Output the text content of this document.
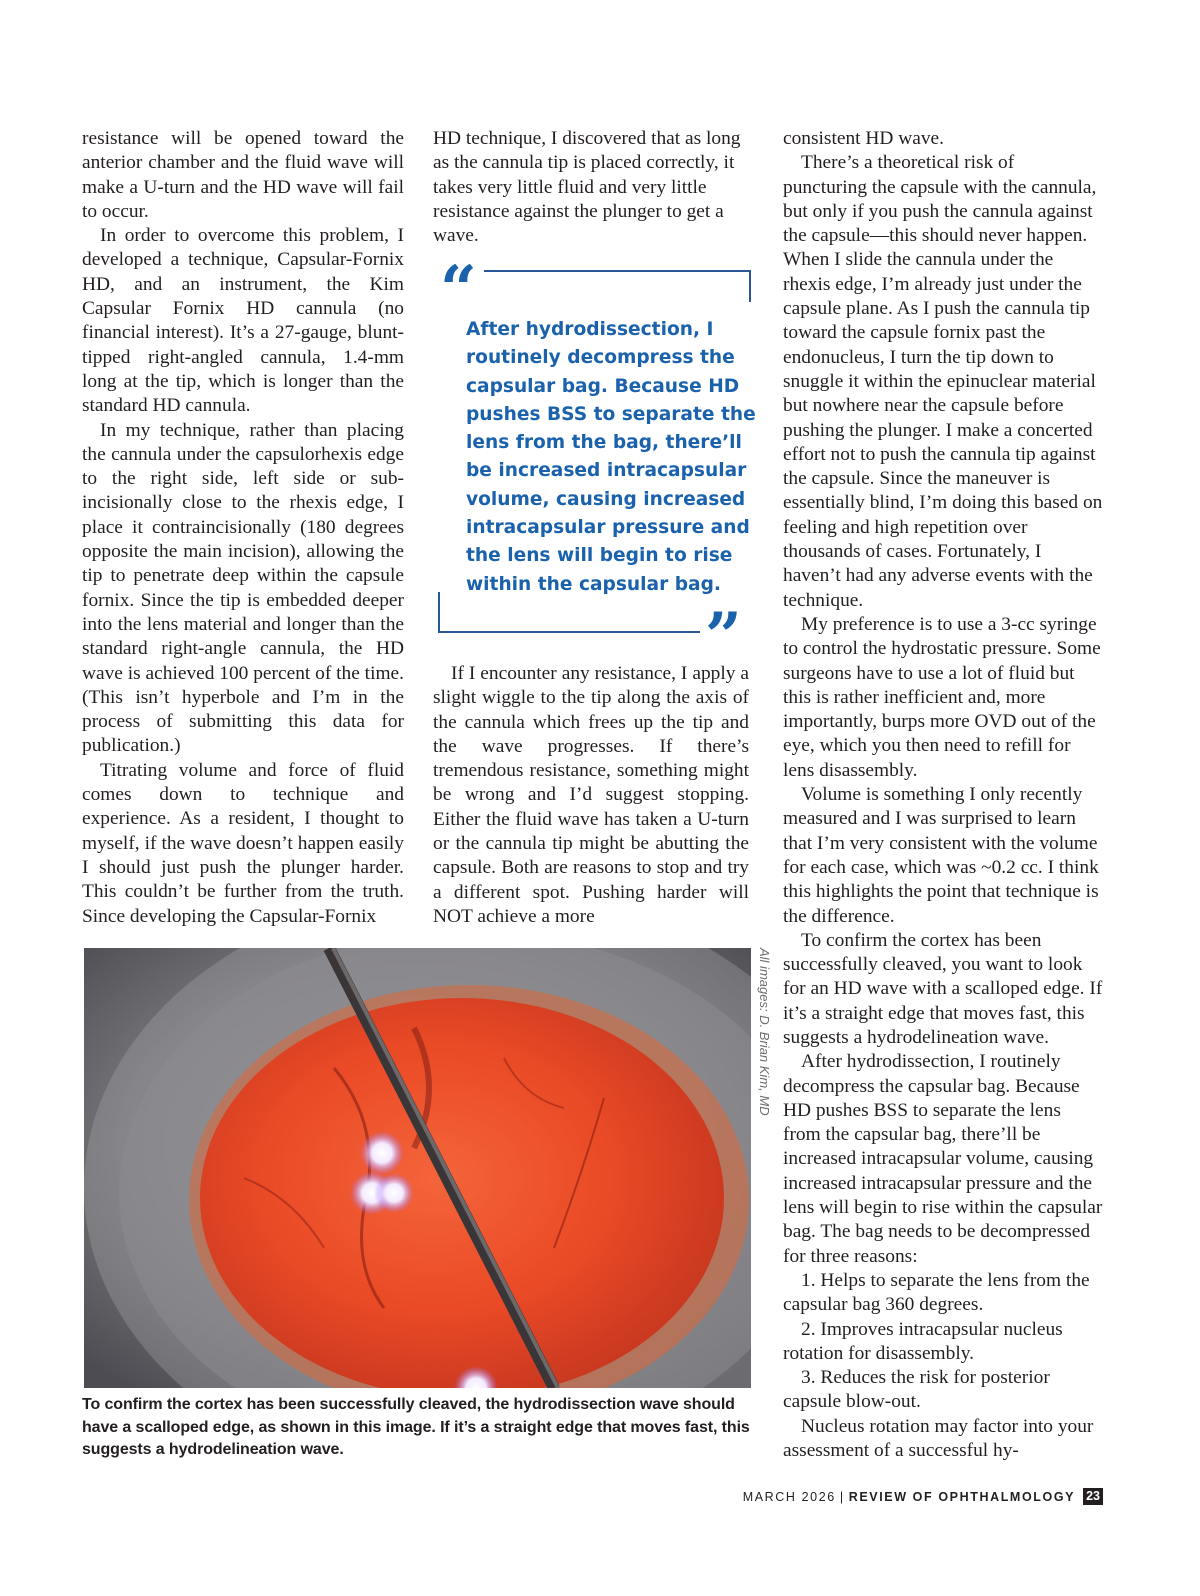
resistance will be opened toward the anterior chamber and the fluid wave will make a U-turn and the HD wave will fail to occur.

In order to overcome this problem, I developed a technique, Capsular-Fornix HD, and an instrument, the Kim Capsular Fornix HD cannula (no financial interest). It’s a 27-gauge, blunt-tipped right-angled cannula, 1.4-mm long at the tip, which is longer than the standard HD cannula.

In my technique, rather than placing the cannula under the capsulorhexis edge to the right side, left side or sub-incisionally close to the rhexis edge, I place it contraincisionally (180 degrees opposite the main incision), allowing the tip to penetrate deep within the capsule fornix. Since the tip is embedded deeper into the lens material and longer than the standard right-angle cannula, the HD wave is achieved 100 percent of the time. (This isn’t hyperbole and I’m in the process of submitting this data for publication.)

Titrating volume and force of fluid comes down to technique and experience. As a resident, I thought to myself, if the wave doesn’t happen easily I should just push the plunger harder. This couldn’t be further from the truth. Since developing the Capsular-Fornix

HD technique, I discovered that as long as the cannula tip is placed correctly, it takes very little fluid and very little resistance against the plunger to get a wave.

“
After hydrodissection, I routinely decompress the capsular bag. Because HD pushes BSS to separate the lens from the bag, there’ll be increased intracapsular volume, causing increased intracapsular pressure and the lens will begin to rise within the capsular bag.
”

If I encounter any resistance, I apply a slight wiggle to the tip along the axis of the cannula which frees up the tip and the wave progresses. If there’s tremendous resistance, something might be wrong and I’d suggest stopping. Either the fluid wave has taken a U-turn or the cannula tip might be abutting the capsule. Both are reasons to stop and try a different spot. Pushing harder will NOT achieve a more

consistent HD wave.

There’s a theoretical risk of puncturing the capsule with the cannula, but only if you push the cannula against the capsule—this should never happen. When I slide the cannula under the rhexis edge, I’m already just under the capsule plane. As I push the cannula tip toward the capsule fornix past the endonucleus, I turn the tip down to snuggle it within the epinuclear material but nowhere near the capsule before pushing the plunger. I make a concerted effort not to push the cannula tip against the capsule. Since the maneuver is essentially blind, I’m doing this based on feeling and high repetition over thousands of cases. Fortunately, I haven’t had any adverse events with the technique.

My preference is to use a 3-cc syringe to control the hydrostatic pressure. Some surgeons have to use a lot of fluid but this is rather inefficient and, more importantly, burps more OVD out of the eye, which you then need to refill for lens disassembly.

Volume is something I only recently measured and I was surprised to learn that I’m very consistent with the volume for each case, which was ~0.2 cc. I think this highlights the point that technique is the difference.

To confirm the cortex has been successfully cleaved, you want to look for an HD wave with a scalloped edge. If it’s a straight edge that moves fast, this suggests a hydrodelineation wave.

After hydrodissection, I routinely decompress the capsular bag. Because HD pushes BSS to separate the lens from the capsular bag, there’ll be increased intracapsular volume, causing increased intracapsular pressure and the lens will begin to rise within the capsular bag. The bag needs to be decompressed for three reasons:

1. Helps to separate the lens from the capsular bag 360 degrees.

2. Improves intracapsular nucleus rotation for disassembly.

3. Reduces the risk for posterior capsule blow-out.

Nucleus rotation may factor into your assessment of a successful hy-

All images: D. Brian Kim, MD
To confirm the cortex has been successfully cleaved, the hydrodissection wave should have a scalloped edge, as shown in this image. If it’s a straight edge that moves fast, this suggests a hydrodelineation wave.
MARCH 2026 | REVIEW OF OPHTHALMOLOGY 23
